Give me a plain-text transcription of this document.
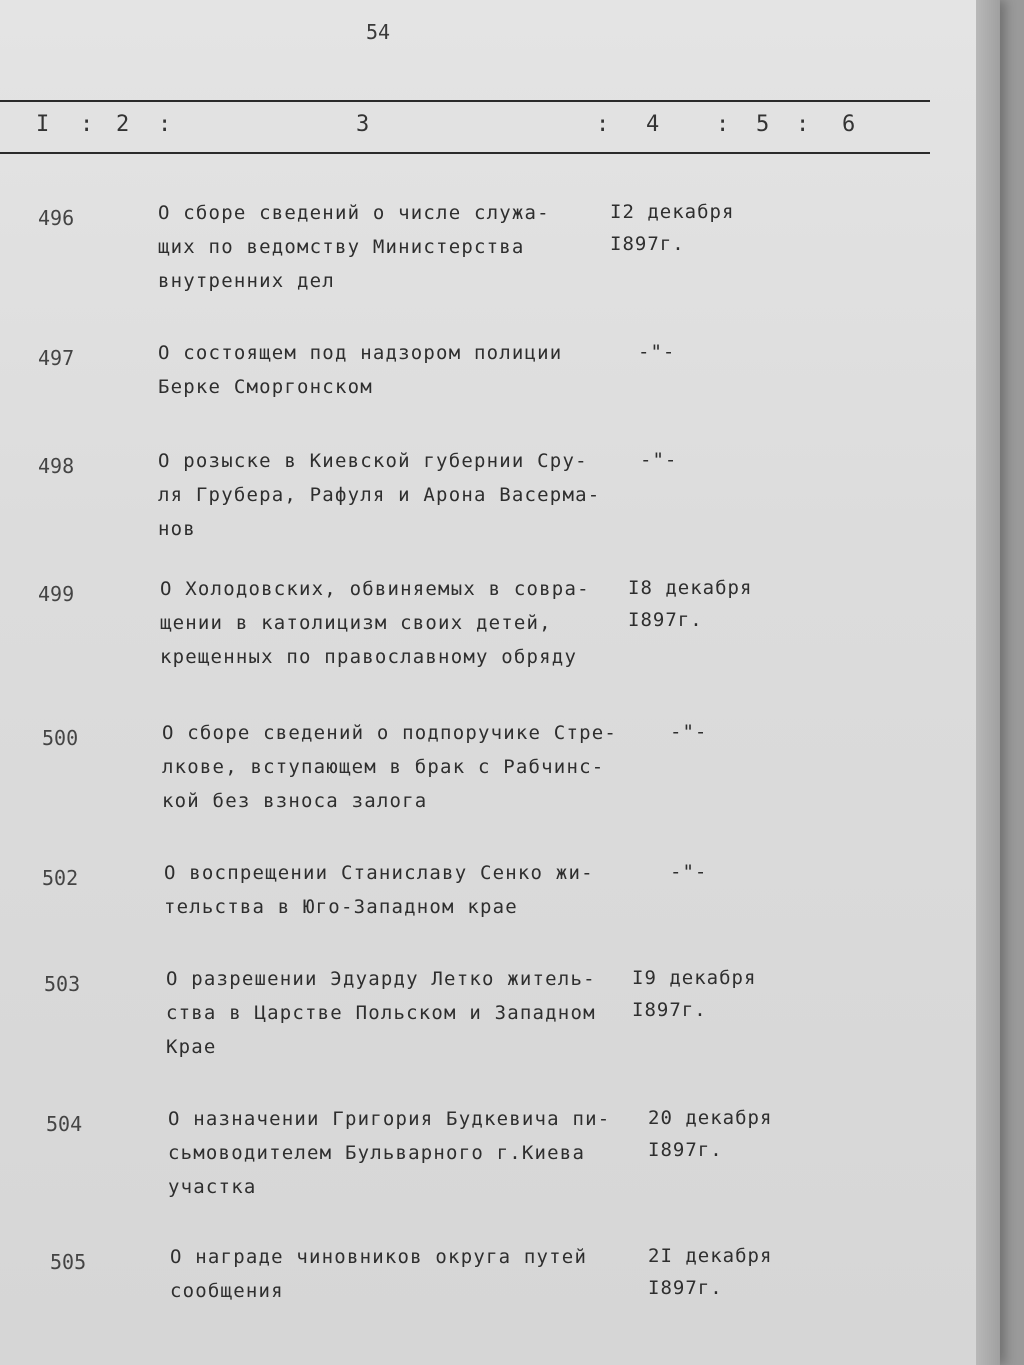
54
I : 2 :	3	: 4 : 5 : 6
496	О сборе сведений о числе служа-
щих по ведомству Министерства
внутренних дел
I2 декабря
I897г.
497	О состоящем под надзором полиции
Берке Сморгонском
-"-
498	О розыске в Киевской губернии Сру-
ля Грубера, Рафуля и Арона Васерма-
нов
-"-
499	О Холодовских, обвиняемых в совра-
щении в католицизм своих детей,
крещенных по православному обряду
I8 декабря
I897г.
500	О сборе сведений о подпоручике Стре-
лкове, вступающем в брак с Рабчинс-
кой без взноса залога
-"-
502	О воспрещении Станиславу Сенко жи-
тельства в Юго-Западном крае
-"-
503	О разрешении Эдуарду Летко житель-
ства в Царстве Польском и Западном
Крае
I9 декабря
I897г.
504	О назначении Григория Будкевича пи-
сьмоводителем Бульварного г.Киева
участка
20 декабря
I897г.
505	О награде чиновников округа путей
сообщения
2I декабря
I897г.
